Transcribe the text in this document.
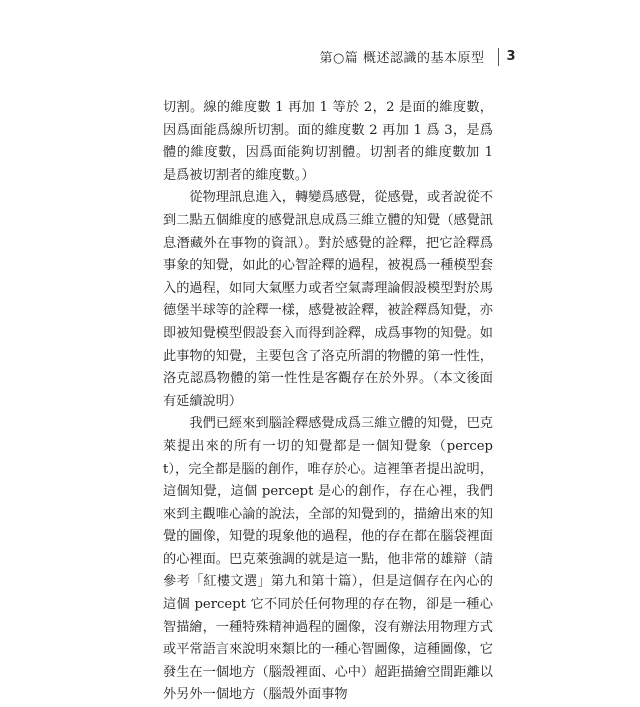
第○篇 概述認識的基本原型 3

切割。線的維度數 1 再加 1 等於 2，2 是面的維度數，因爲面能爲線所切割。面的維度數 2 再加 1 爲 3，是爲體的維度數，因爲面能夠切割體。切割者的維度數加 1 是爲被切割者的維度數。）

從物理訊息進入，轉變爲感覺，從感覺，或者說從不到二點五個維度的感覺訊息成爲三維立體的知覺（感覺訊息潛藏外在事物的資訊）。對於感覺的詮釋，把它詮釋爲事象的知覺，如此的心智詮釋的過程，被視爲一種模型套入的過程，如同大氣壓力或者空氣壽理論假設模型對於馬德堡半球等的詮釋一樣，感覺被詮釋，被詮釋爲知覺，亦即被知覺模型假設套入而得到詮釋，成爲事物的知覺。如此事物的知覺，主要包含了洛克所謂的物體的第一性性，洛克認爲物體的第一性性是客觀存在於外界。（本文後面有延續說明）

我們已經來到腦詮釋感覺成爲三維立體的知覺，巴克萊提出來的所有一切的知覺都是一個知覺象（percept），完全都是腦的創作，唯存於心。這裡筆者提出說明，這個知覺，這個 percept 是心的創作，存在心裡，我們來到主觀唯心論的說法，全部的知覺到的，描繪出來的知覺的圖像，知覺的現象他的過程，他的存在都在腦袋裡面的心裡面。巴克萊強調的就是這一點，他非常的雄辯（請參考「紅樓文選」第九和第十篇），但是這個存在內心的這個 percept 它不同於任何物理的存在物，卻是一種心智描繪，一種特殊精神過程的圖像，沒有辦法用物理方式或平常語言來說明來類比的一種心智圖像，這種圖像，它發生在一個地方（腦殼裡面、心中）超距描繪空間距離以外另外一個地方（腦殼外面事物
